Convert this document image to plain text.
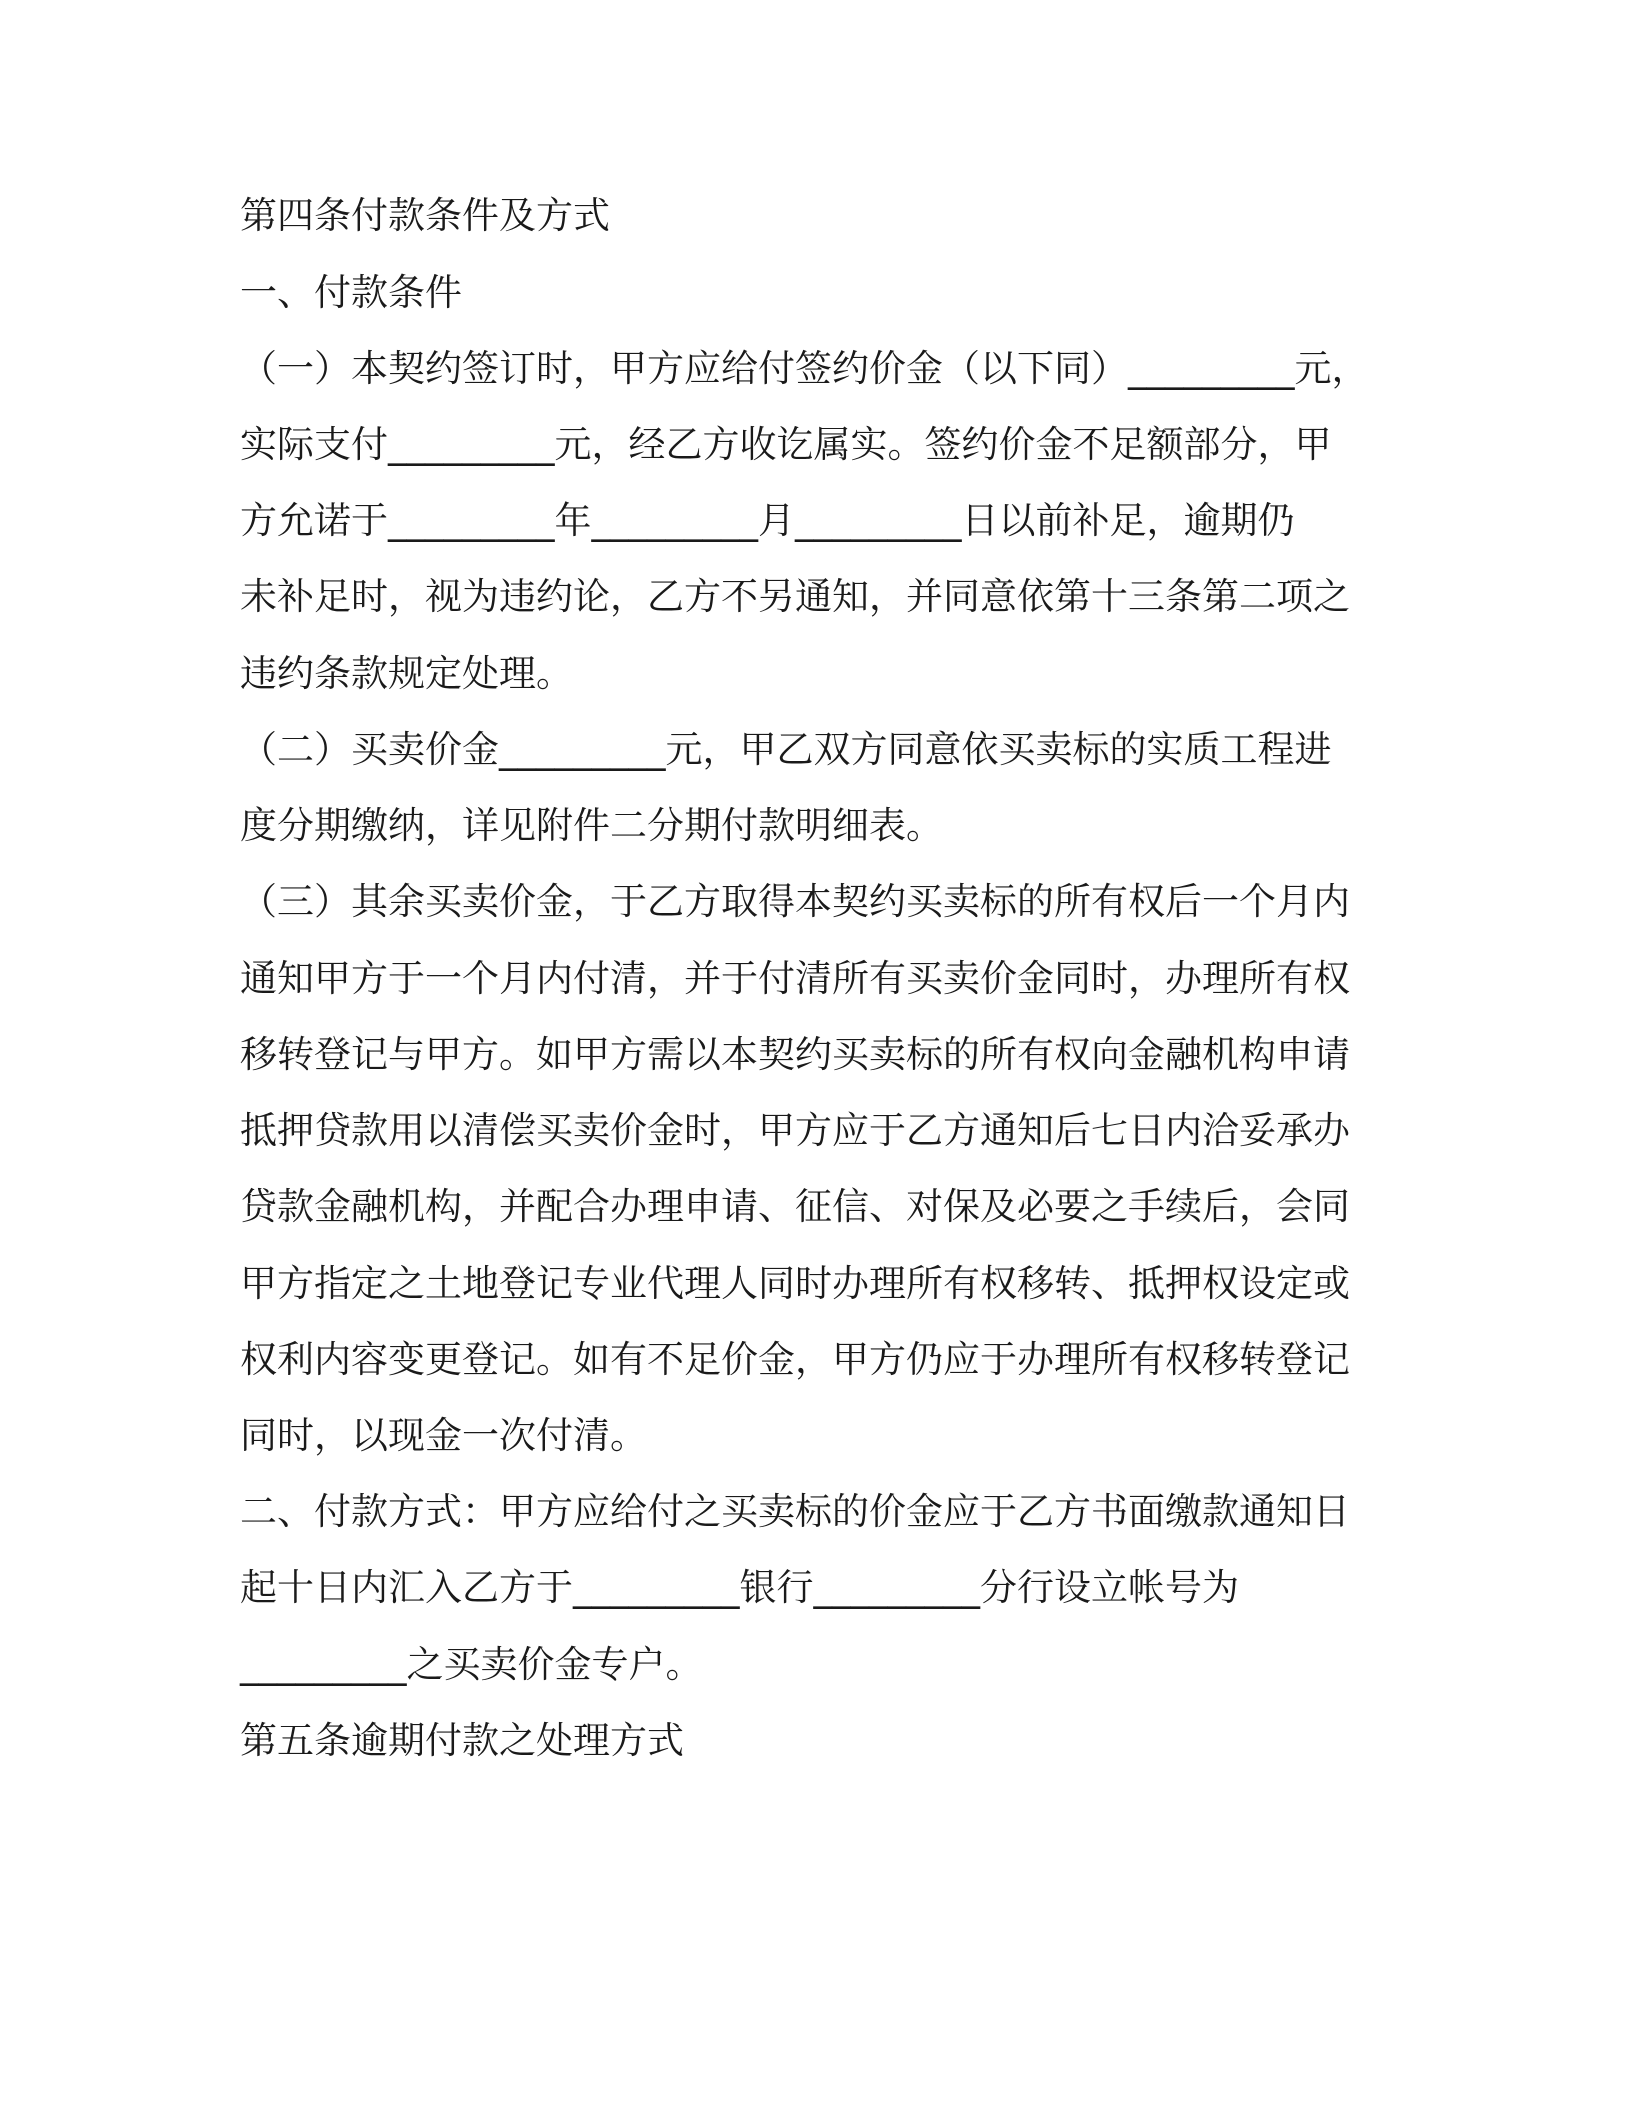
第四条付款条件及方式

一、付款条件

（一）本契约签订时，甲方应给付签约价金（以下同）_________元，

实际支付_________元，经乙方收讫属实。签约价金不足额部分，甲

方允诺于_________年_________月_________日以前补足，逾期仍

未补足时，视为违约论，乙方不另通知，并同意依第十三条第二项之

违约条款规定处理。

（二）买卖价金_________元，甲乙双方同意依买卖标的实质工程进

度分期缴纳，详见附件二分期付款明细表。

（三）其余买卖价金，于乙方取得本契约买卖标的所有权后一个月内

通知甲方于一个月内付清，并于付清所有买卖价金同时，办理所有权

移转登记与甲方。如甲方需以本契约买卖标的所有权向金融机构申请

抵押贷款用以清偿买卖价金时，甲方应于乙方通知后七日内洽妥承办

贷款金融机构，并配合办理申请、征信、对保及必要之手续后，会同

甲方指定之土地登记专业代理人同时办理所有权移转、抵押权设定或

权利内容变更登记。如有不足价金，甲方仍应于办理所有权移转登记

同时，以现金一次付清。

二、付款方式：甲方应给付之买卖标的价金应于乙方书面缴款通知日

起十日内汇入乙方于_________银行_________分行设立帐号为

_________之买卖价金专户。

第五条逾期付款之处理方式
